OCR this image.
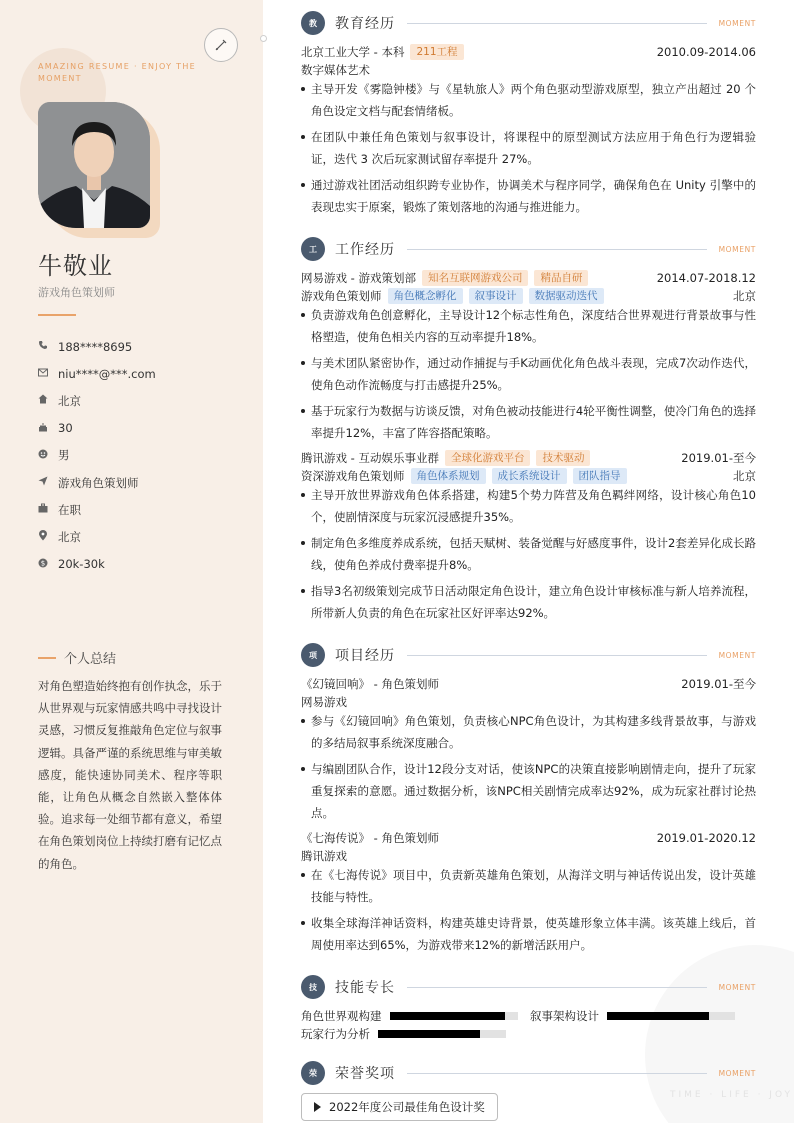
AMAZING RESUME · ENJOY THE MOMENT
牛敬业
游戏角色策划师
188****8695
niu****@***.com
北京
30
男
游戏角色策划师
在职
北京
$ 20k-30k
个人总结
对角色塑造始终抱有创作执念，乐于从世界观与玩家情感共鸣中寻找设计灵感，习惯反复推敲角色定位与叙事逻辑。具备严谨的系统思维与审美敏感度，能快速协同美术、程序等职能，让角色从概念自然嵌入整体体验。追求每一处细节都有意义，希望在角色策划岗位上持续打磨有记忆点的角色。
TIME · LIFE · JOY
教	教育经历	MOMENT
北京工业大学 - 本科	211工程	2010.09-2014.06
数字媒体艺术
主导开发《雾隐钟楼》与《星轨旅人》两个角色驱动型游戏原型，独立产出超过 20 个角色设定文档与配套情绪板。
在团队中兼任角色策划与叙事设计，将课程中的原型测试方法应用于角色行为逻辑验证，迭代 3 次后玩家测试留存率提升 27%。
通过游戏社团活动组织跨专业协作，协调美术与程序同学，确保角色在 Unity 引擎中的表现忠实于原案，锻炼了策划落地的沟通与推进能力。
工	工作经历	MOMENT
网易游戏 - 游戏策划部	知名互联网游戏公司	精品自研	2014.07-2018.12
游戏角色策划师	角色概念孵化	叙事设计	数据驱动迭代	北京
负责游戏角色创意孵化，主导设计12个标志性角色，深度结合世界观进行背景故事与性格塑造，使角色相关内容的互动率提升18%。
与美术团队紧密协作，通过动作捕捉与手K动画优化角色战斗表现，完成7次动作迭代，使角色动作流畅度与打击感提升25%。
基于玩家行为数据与访谈反馈，对角色被动技能进行4轮平衡性调整，使冷门角色的选择率提升12%，丰富了阵容搭配策略。
腾讯游戏 - 互动娱乐事业群	全球化游戏平台	技术驱动	2019.01-至今
资深游戏角色策划师	角色体系规划	成长系统设计	团队指导	北京
主导开放世界游戏角色体系搭建，构建5个势力阵营及角色羁绊网络，设计核心角色10个，使剧情深度与玩家沉浸感提升35%。
制定角色多维度养成系统，包括天赋树、装备觉醒与好感度事件，设计2套差异化成长路线，使角色养成付费率提升8%。
指导3名初级策划完成节日活动限定角色设计，建立角色设计审核标准与新人培养流程，所带新人负责的角色在玩家社区好评率达92%。
项	项目经历	MOMENT
《幻镜回响》 - 角色策划师	2019.01-至今
网易游戏
参与《幻镜回响》角色策划，负责核心NPC角色设计，为其构建多线背景故事，与游戏的多结局叙事系统深度融合。
与编剧团队合作，设计12段分支对话，使该NPC的决策直接影响剧情走向，提升了玩家重复探索的意愿。通过数据分析，该NPC相关剧情完成率达92%，成为玩家社群讨论热点。
《七海传说》 - 角色策划师	2019.01-2020.12
腾讯游戏
在《七海传说》项目中，负责新英雄角色策划，从海洋文明与神话传说出发，设计英雄技能与特性。
收集全球海洋神话资料，构建英雄史诗背景，使英雄形象立体丰满。该英雄上线后，首周使用率达到65%，为游戏带来12%的新增活跃用户。
技	技能专长	MOMENT
角色世界观构建	叙事架构设计
玩家行为分析
荣	荣誉奖项	MOMENT
2022年度公司最佳角色设计奖
